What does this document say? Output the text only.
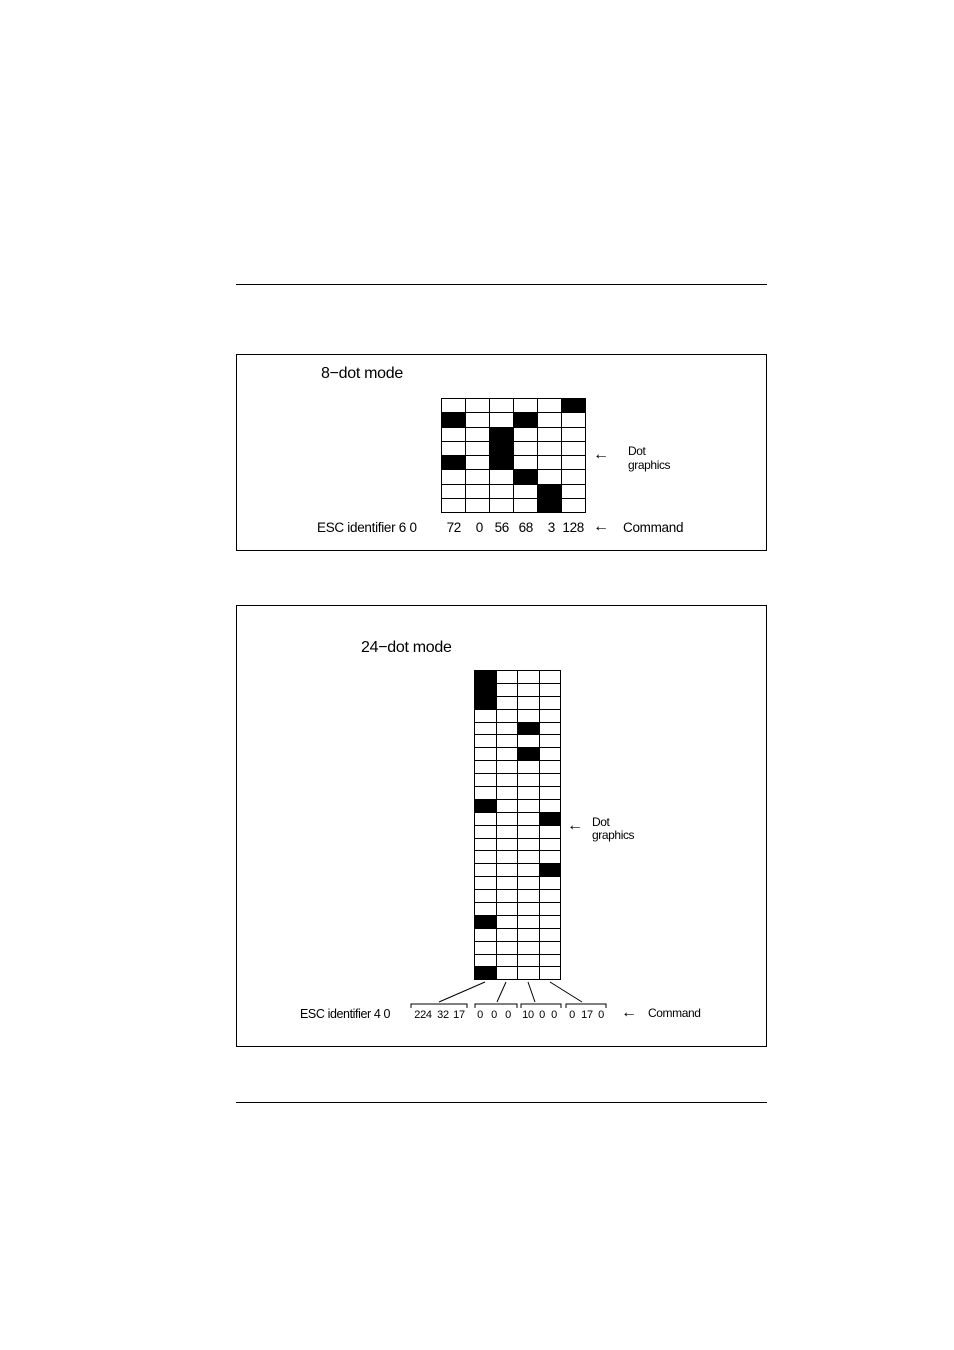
8−dot mode
← Dot
graphics
ESC identifier 6 0	72	0 56 68	3 128 ← Command
24−dot mode
← Dot
graphics
ESC identifier 4 0 224 32 17	0 0 0	10 0 0	0 17 0	← Command
